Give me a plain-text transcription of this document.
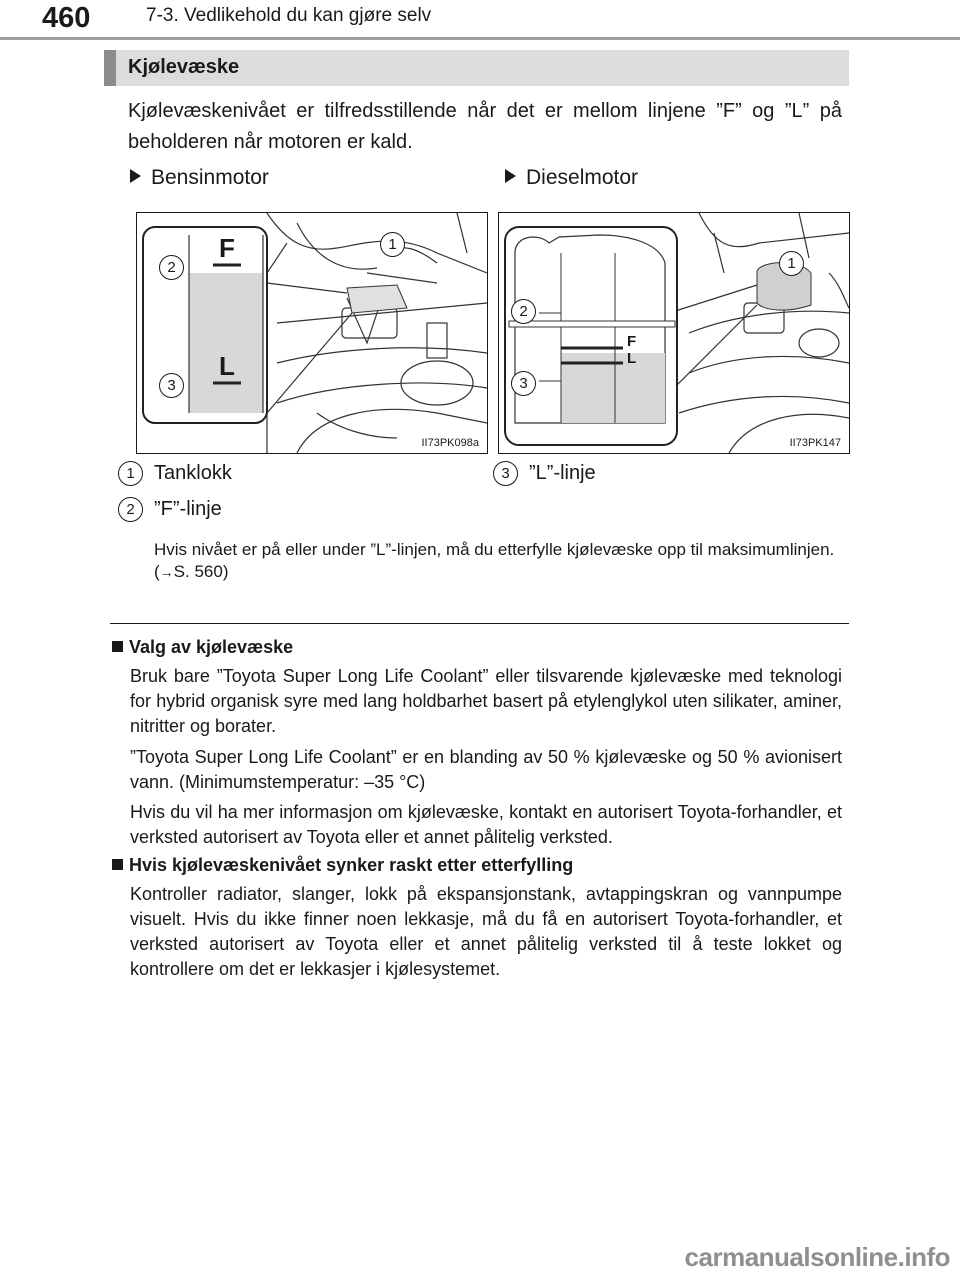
460	7-3. Vedlikehold du kan gjøre selv
Kjølevæske
Kjølevæskenivået er tilfredsstillende når det er mellom linjene ”F” og ”L” på beholderen når motoren er kald.
Bensinmotor	Dieselmotor
F
L
2
3
1
II73PK098a
F
L
2
3
1
II73PK147
1 Tanklokk	3 ”L”-linje
2 ”F”-linje
Hvis nivået er på eller under ”L”-linjen, må du etterfylle kjølevæske opp til maksimumlinjen.
(→S. 560)
Valg av kjølevæske
Bruk bare ”Toyota Super Long Life Coolant” eller tilsvarende kjølevæske med teknologi for hybrid organisk syre med lang holdbarhet basert på etylenglykol uten silikater, aminer, nitritter og borater.
”Toyota Super Long Life Coolant” er en blanding av 50 % kjølevæske og 50 % avionisert vann. (Minimumstemperatur: –35 °C)
Hvis du vil ha mer informasjon om kjølevæske, kontakt en autorisert Toyota-forhandler, et verksted autorisert av Toyota eller et annet pålitelig verksted.
Hvis kjølevæskenivået synker raskt etter etterfylling
Kontroller radiator, slanger, lokk på ekspansjonstank, avtappingskran og vannpumpe visuelt. Hvis du ikke finner noen lekkasje, må du få en autorisert Toyota-forhandler, et verksted autorisert av Toyota eller et annet pålitelig verksted til å teste lokket og kontrollere om det er lekkasjer i kjølesystemet.
carmanualsonline.info
